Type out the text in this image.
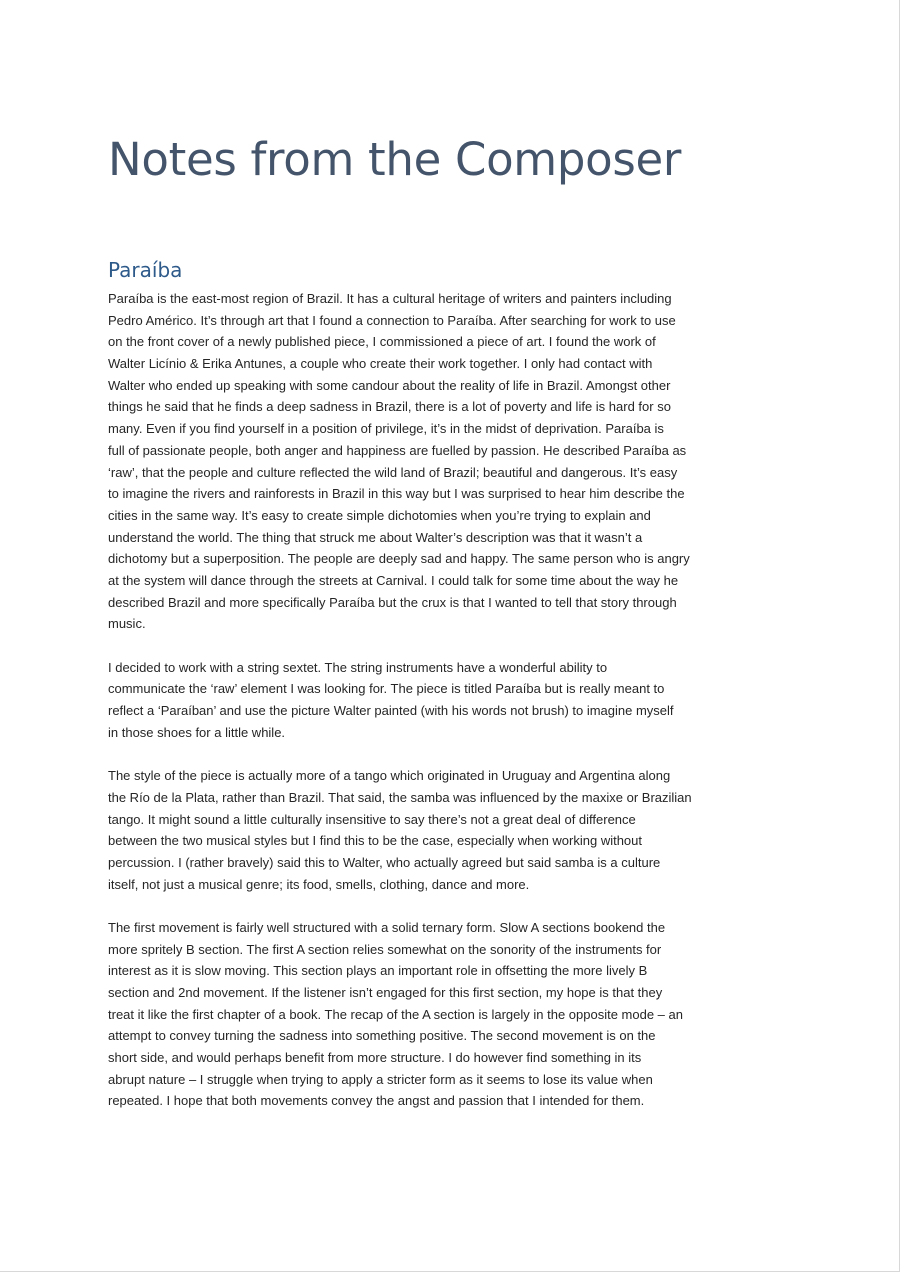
Notes from the Composer
Paraíba
Paraíba is the east-most region of Brazil. It has a cultural heritage of writers and painters including
Pedro Américo. It’s through art that I found a connection to Paraíba. After searching for work to use
on the front cover of a newly published piece, I commissioned a piece of art. I found the work of
Walter Licínio & Erika Antunes, a couple who create their work together. I only had contact with
Walter who ended up speaking with some candour about the reality of life in Brazil. Amongst other
things he said that he finds a deep sadness in Brazil, there is a lot of poverty and life is hard for so
many. Even if you find yourself in a position of privilege, it’s in the midst of deprivation. Paraíba is
full of passionate people, both anger and happiness are fuelled by passion. He described Paraíba as
‘raw’, that the people and culture reflected the wild land of Brazil; beautiful and dangerous. It’s easy
to imagine the rivers and rainforests in Brazil in this way but I was surprised to hear him describe the
cities in the same way. It’s easy to create simple dichotomies when you’re trying to explain and
understand the world. The thing that struck me about Walter’s description was that it wasn’t a
dichotomy but a superposition. The people are deeply sad and happy. The same person who is angry
at the system will dance through the streets at Carnival. I could talk for some time about the way he
described Brazil and more specifically Paraíba but the crux is that I wanted to tell that story through
music.
I decided to work with a string sextet. The string instruments have a wonderful ability to
communicate the ‘raw’ element I was looking for. The piece is titled Paraíba but is really meant to
reflect a ‘Paraíban’ and use the picture Walter painted (with his words not brush) to imagine myself
in those shoes for a little while.
The style of the piece is actually more of a tango which originated in Uruguay and Argentina along
the Río de la Plata, rather than Brazil. That said, the samba was influenced by the maxixe or Brazilian
tango. It might sound a little culturally insensitive to say there’s not a great deal of difference
between the two musical styles but I find this to be the case, especially when working without
percussion. I (rather bravely) said this to Walter, who actually agreed but said samba is a culture
itself, not just a musical genre; its food, smells, clothing, dance and more.
The first movement is fairly well structured with a solid ternary form. Slow A sections bookend the
more spritely B section. The first A section relies somewhat on the sonority of the instruments for
interest as it is slow moving. This section plays an important role in offsetting the more lively B
section and 2nd movement. If the listener isn’t engaged for this first section, my hope is that they
treat it like the first chapter of a book. The recap of the A section is largely in the opposite mode – an
attempt to convey turning the sadness into something positive. The second movement is on the
short side, and would perhaps benefit from more structure. I do however find something in its
abrupt nature – I struggle when trying to apply a stricter form as it seems to lose its value when
repeated. I hope that both movements convey the angst and passion that I intended for them.
